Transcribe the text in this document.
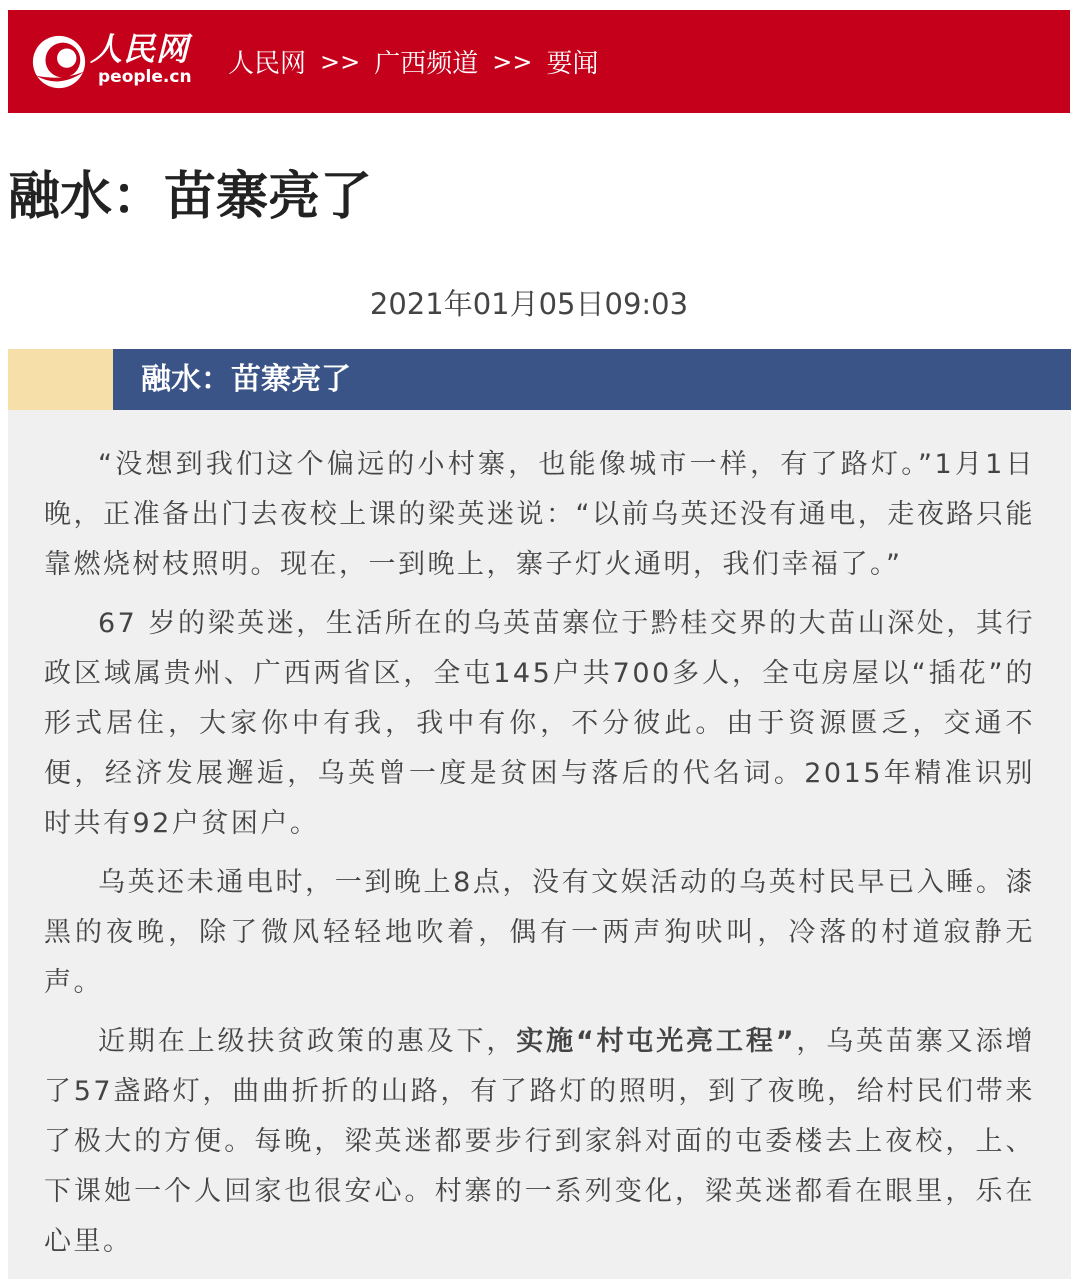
人民网
people.cn 人民网 >> 广西频道 >> 要闻
融水：苗寨亮了
2021年01月05日09:03
融水：苗寨亮了

“没想到我们这个偏远的小村寨，也能像城市一样，有了路灯。”1月1日晚，正准备出门去夜校上课的梁英迷说：“以前乌英还没有通电，走夜路只能靠燃烧树枝照明。现在，一到晚上，寨子灯火通明，我们幸福了。”

67 岁的梁英迷，生活所在的乌英苗寨位于黔桂交界的大苗山深处，其行政区域属贵州、广西两省区，全屯145户共700多人，全屯房屋以“插花”的形式居住，大家你中有我，我中有你，不分彼此。由于资源匮乏，交通不便，经济发展邂逅，乌英曾一度是贫困与落后的代名词。2015年精准识别时共有92户贫困户。

乌英还未通电时，一到晚上8点，没有文娱活动的乌英村民早已入睡。漆黑的夜晚，除了微风轻轻地吹着，偶有一两声狗吠叫，冷落的村道寂静无声。

近期在上级扶贫政策的惠及下，实施“村屯光亮工程”，乌英苗寨又添增了57盏路灯，曲曲折折的山路，有了路灯的照明，到了夜晚，给村民们带来了极大的方便。每晚，梁英迷都要步行到家斜对面的屯委楼去上夜校，上、下课她一个人回家也很安心。村寨的一系列变化，梁英迷都看在眼里，乐在心里。
